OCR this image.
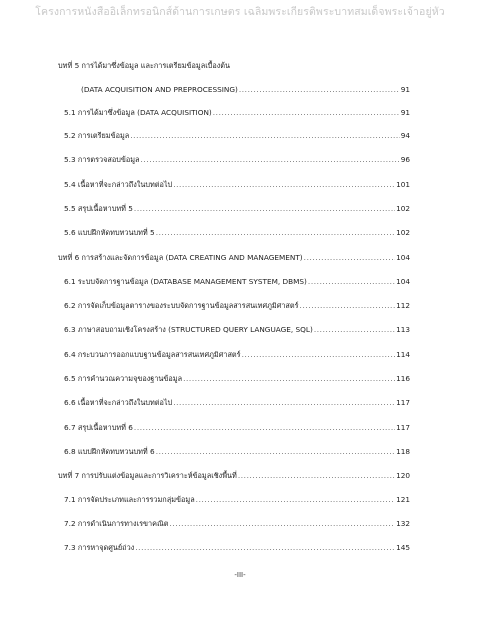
โครงการหนังสืออิเล็กทรอนิกส์ด้านการเกษตร เฉลิมพระเกียรติพระบาทสมเด็จพระเจ้าอยู่หัว
บทที่ 5 การได้มาซึ่งข้อมูล และการเตรียมข้อมูลเบื้องต้น
(DATA ACQUISITION AND PREPROCESSING) .....	91
5.1 การได้มาซึ่งข้อมูล (DATA ACQUISITION) .....	91
5.2 การเตรียมข้อมูล .....	94
5.3 การตรวจสอบข้อมูล .....	96
5.4 เนื้อหาที่จะกล่าวถึงในบทต่อไป .....	101
5.5 สรุปเนื้อหาบทที่ 5 .....	102
5.6 แบบฝึกหัดทบทวนบทที่ 5 .....	102
บทที่ 6 การสร้างและจัดการข้อมูล (DATA CREATING AND MANAGEMENT) .....	104
6.1 ระบบจัดการฐานข้อมูล (DATABASE MANAGEMENT SYSTEM, DBMS) .....	104
6.2 การจัดเก็บข้อมูลตารางของระบบจัดการฐานข้อมูลสารสนเทศภูมิศาสตร์ .....	112
6.3 ภาษาสอบถามเชิงโครงสร้าง (STRUCTURED QUERY LANGUAGE, SQL) .....	113
6.4 กระบวนการออกแบบฐานข้อมูลสารสนเทศภูมิศาสตร์ .....	114
6.5 การคำนวณความจุของฐานข้อมูล .....	116
6.6 เนื้อหาที่จะกล่าวถึงในบทต่อไป .....	117
6.7 สรุปเนื้อหาบทที่ 6 .....	117
6.8 แบบฝึกหัดทบทวนบทที่ 6 .....	118
บทที่ 7 การปรับแต่งข้อมูลและการวิเคราะห์ข้อมูลเชิงพื้นที่ .....	120
7.1 การจัดประเภทและการรวมกลุ่มข้อมูล .....	121
7.2 การดำเนินการทางเรขาคณิต .....	132
7.3 การหาจุดศูนย์ถ่วง .....	145
-III-
